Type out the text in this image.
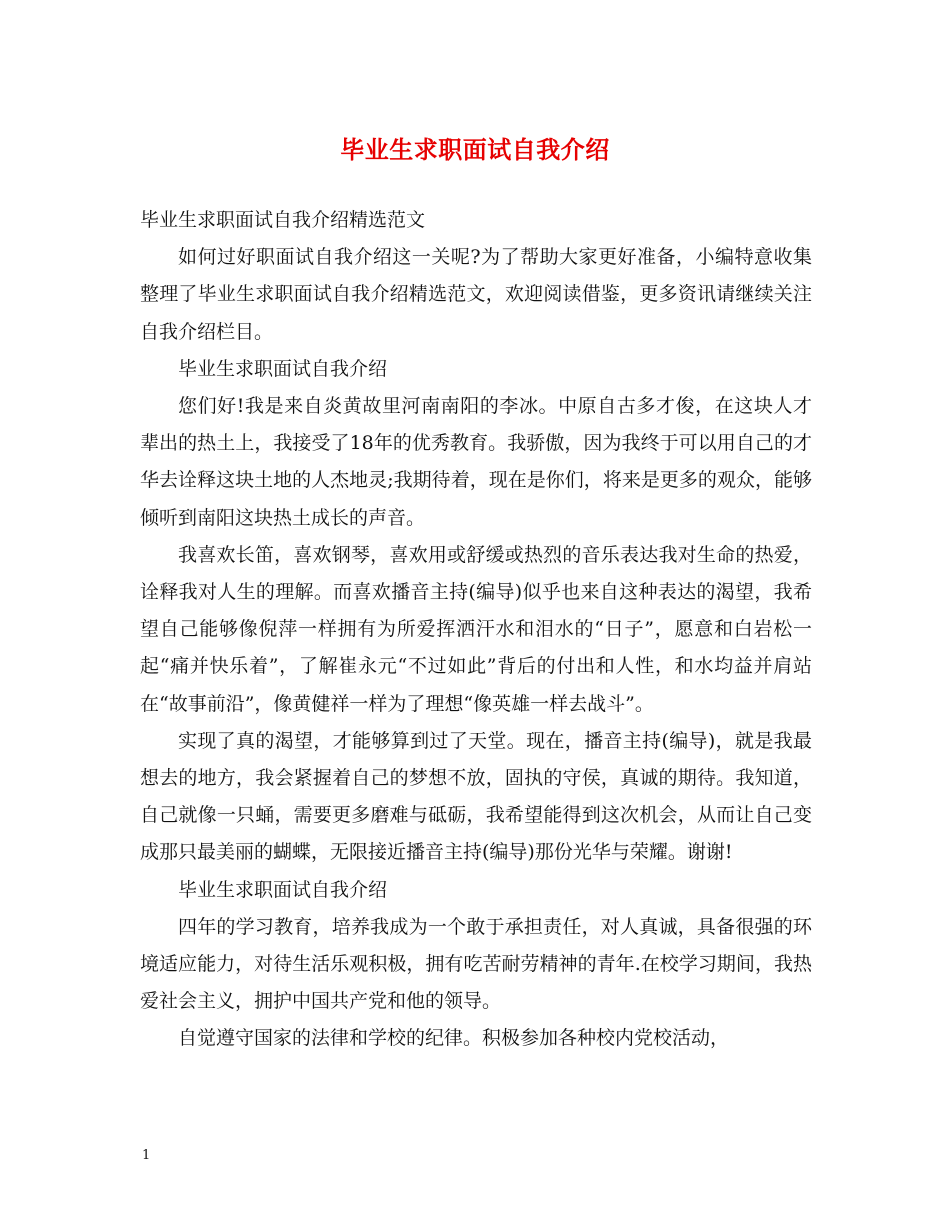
毕业生求职面试自我介绍

毕业生求职面试自我介绍精选范文

如何过好职面试自我介绍这一关呢?为了帮助大家更好准备，小编特意收集整理了毕业生求职面试自我介绍精选范文，欢迎阅读借鉴，更多资讯请继续关注自我介绍栏目。

毕业生求职面试自我介绍

您们好!我是来自炎黄故里河南南阳的李冰。中原自古多才俊，在这块人才辈出的热土上，我接受了18年的优秀教育。我骄傲，因为我终于可以用自己的才华去诠释这块土地的人杰地灵;我期待着，现在是你们，将来是更多的观众，能够倾听到南阳这块热土成长的声音。

我喜欢长笛，喜欢钢琴，喜欢用或舒缓或热烈的音乐表达我对生命的热爱，诠释我对人生的理解。而喜欢播音主持(编导)似乎也来自这种表达的渴望，我希望自己能够像倪萍一样拥有为所爱挥洒汗水和泪水的“日子”，愿意和白岩松一起“痛并快乐着”，了解崔永元“不过如此”背后的付出和人性，和水均益并肩站在“故事前沿”，像黄健祥一样为了理想“像英雄一样去战斗”。

实现了真的渴望，才能够算到过了天堂。现在，播音主持(编导)，就是我最想去的地方，我会紧握着自己的梦想不放，固执的守侯，真诚的期待。我知道，自己就像一只蛹，需要更多磨难与砥砺，我希望能得到这次机会，从而让自己变成那只最美丽的蝴蝶，无限接近播音主持(编导)那份光华与荣耀。谢谢!

毕业生求职面试自我介绍

四年的学习教育，培养我成为一个敢于承担责任，对人真诚，具备很强的环境适应能力，对待生活乐观积极，拥有吃苦耐劳精神的青年.在校学习期间，我热爱社会主义，拥护中国共产党和他的领导。

自觉遵守国家的法律和学校的纪律。积极参加各种校内党校活动，

1
